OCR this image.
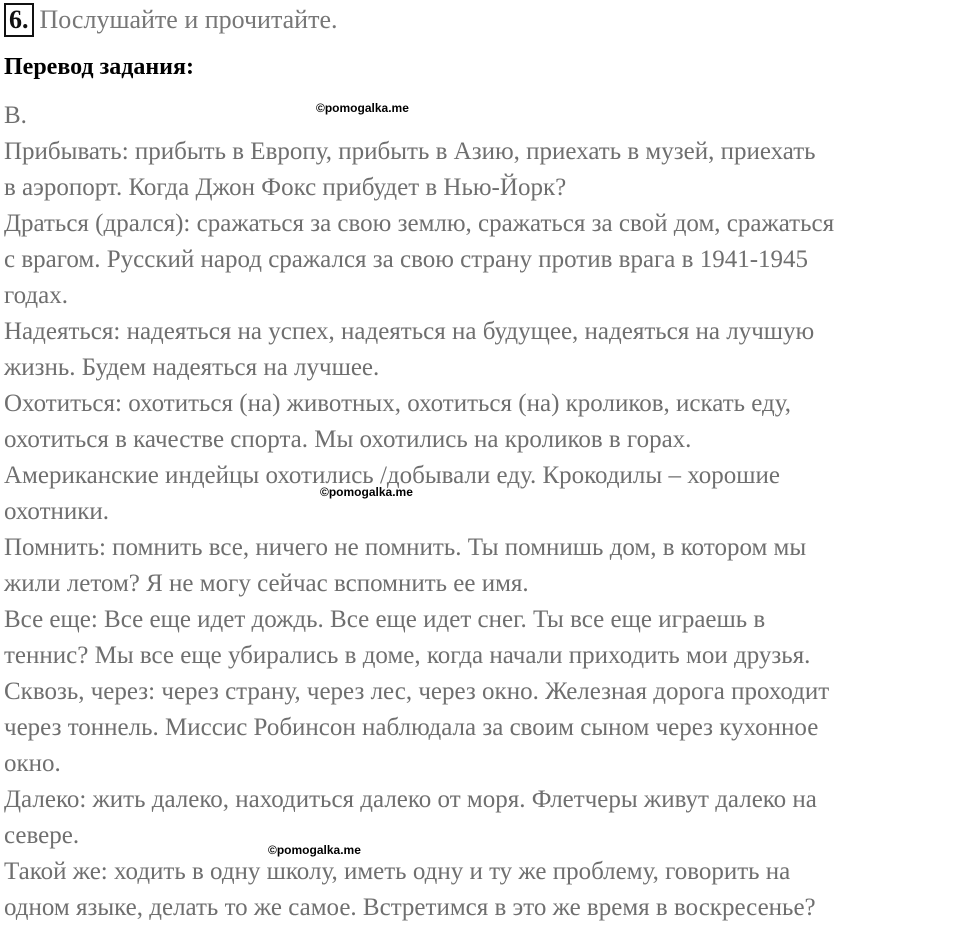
6. Послушайте и прочитайте.
Перевод задания:
В.
Прибывать: прибыть в Европу, прибыть в Азию, приехать в музей, приехать
в аэропорт. Когда Джон Фокс прибудет в Нью-Йорк?
Драться (дрался): сражаться за свою землю, сражаться за свой дом, сражаться
с врагом. Русский народ сражался за свою страну против врага в 1941-1945
годах.
Надеяться: надеяться на успех, надеяться на будущее, надеяться на лучшую
жизнь. Будем надеяться на лучшее.
Охотиться: охотиться (на) животных, охотиться (на) кроликов, искать еду,
охотиться в качестве спорта. Мы охотились на кроликов в горах.
Американские индейцы охотились /добывали еду. Крокодилы – хорошие
охотники.
Помнить: помнить все, ничего не помнить. Ты помнишь дом, в котором мы
жили летом? Я не могу сейчас вспомнить ее имя.
Все еще: Все еще идет дождь. Все еще идет снег. Ты все еще играешь в
теннис? Мы все еще убирались в доме, когда начали приходить мои друзья.
Сквозь, через: через страну, через лес, через окно. Железная дорога проходит
через тоннель. Миссис Робинсон наблюдала за своим сыном через кухонное
окно.
Далеко: жить далеко, находиться далеко от моря. Флетчеры живут далеко на
севере.
Такой же: ходить в одну школу, иметь одну и ту же проблему, говорить на
одном языке, делать то же самое. Встретимся в это же время в воскресенье?
©pomogalka.me
©pomogalka.me
©pomogalka.me
